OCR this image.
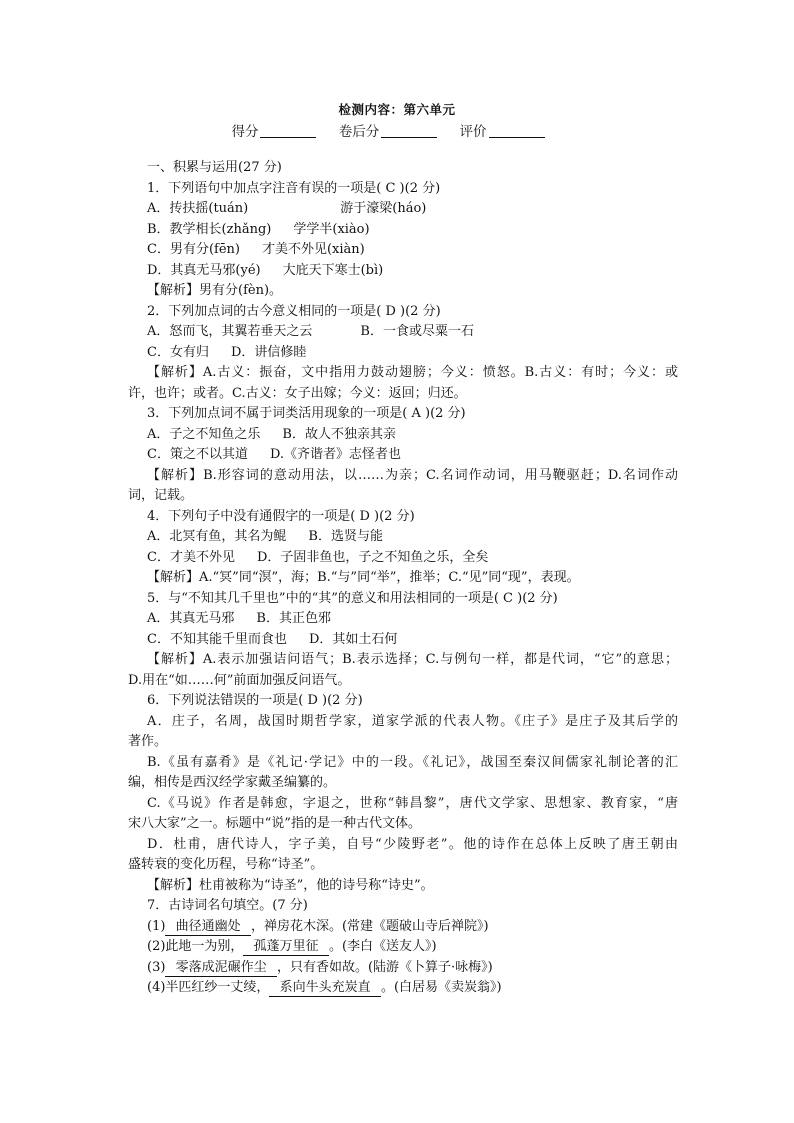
检测内容：第六单元
得分	卷后分	评价
一、积累与运用(27 分)
1．下列语句中加点字注音有误的一项是( C )(2 分)
A．抟扶摇(tuán)	游于濠梁(háo)
B．教学相长(zhǎng) 学学半(xiào)
C．男有分(fēn) 才美不外见(xiàn)
D．其真无马邪(yé) 大庇天下寒士(bì)
【解析】男有分(fèn)。
2．下列加点词的古今意义相同的一项是( D )(2 分)
A．怒而飞，其翼若垂天之云	B．一食或尽粟一石
C．女有归 D．讲信修睦
【解析】A.古义：振奋，文中指用力鼓动翅膀；今义：愤怒。B.古义：有时；今义：或
许，也许；或者。C.古义：女子出嫁；今义：返回；归还。
3．下列加点词不属于词类活用现象的一项是( A )(2 分)
A．子之不知鱼之乐 B．故人不独亲其亲
C．策之不以其道 D.《齐谐者》志怪者也
【解析】B.形容词的意动用法，以……为亲；C.名词作动词，用马鞭驱赶；D.名词作动
词，记载。
4．下列句子中没有通假字的一项是( D )(2 分)
A．北冥有鱼，其名为鲲 B．选贤与能
C．才美不外见 D．子固非鱼也，子之不知鱼之乐，全矣
【解析】A.“冥”同“溟”，海；B.“与”同“举”，推举；C.“见”同“现”，表现。
5．与“不知其几千里也”中的“其”的意义和用法相同的一项是( C )(2 分)
A．其真无马邪 B．其正色邪
C．不知其能千里而食也 D．其如土石何
【解析】A.表示加强诘问语气；B.表示选择；C.与例句一样，都是代词，“它”的意思；
D.用在“如……何”前面加强反问语气。
6．下列说法错误的一项是( D )(2 分)
A．庄子，名周，战国时期哲学家，道家学派的代表人物。《庄子》是庄子及其后学的
著作。
B.《虽有嘉肴》是《礼记·学记》中的一段。《礼记》，战国至秦汉间儒家礼制论著的汇
编，相传是西汉经学家戴圣编纂的。
C.《马说》作者是韩愈，字退之，世称“韩昌黎”，唐代文学家、思想家、教育家，“唐
宋八大家”之一。标题中“说”指的是一种古代文体。
D．杜甫，唐代诗人，字子美，自号“少陵野老”。他的诗作在总体上反映了唐王朝由
盛转衰的变化历程，号称“诗圣”。
【解析】杜甫被称为“诗圣”，他的诗号称“诗史”。
7．古诗词名句填空。(7 分)
(1)  曲径通幽处  ，禅房花木深。(常建《题破山寺后禅院》)
(2)此地一为别，  孤蓬万里征  。(李白《送友人》)
(3)  零落成泥碾作尘  ，只有香如故。(陆游《卜算子·咏梅》)
(4)半匹红纱一丈绫，  系向牛头充炭直  。(白居易《卖炭翁》)
